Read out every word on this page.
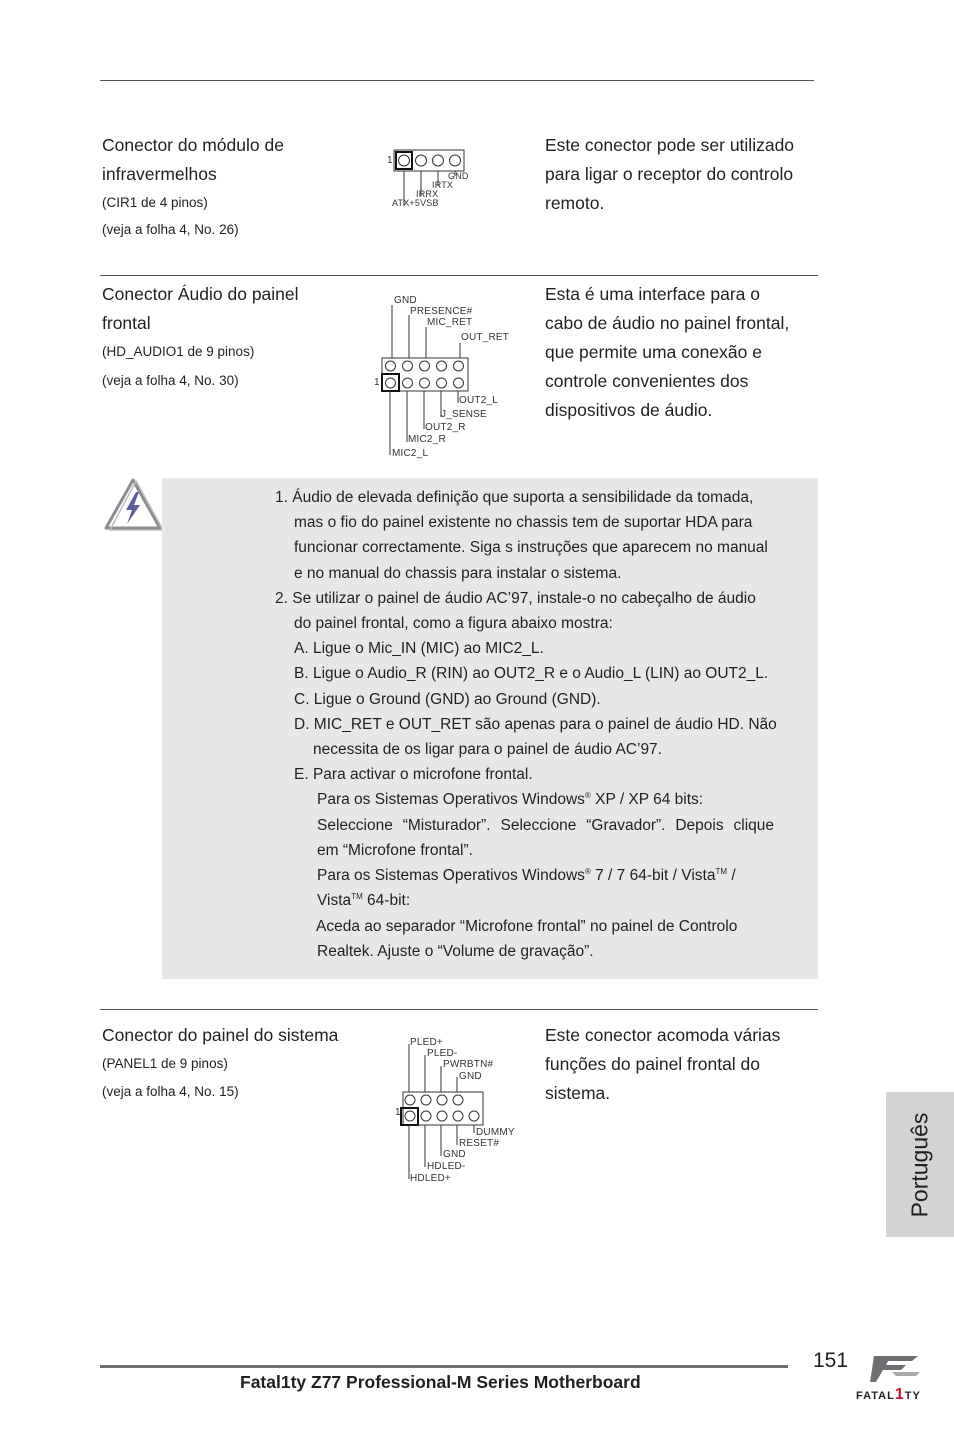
Conector do módulo de
infravermelhos
(CIR1 de 4 pinos)
(veja a folha 4, No. 26)
1
GND
IRTX
IRRX
ATX+5VSB
Este conector pode ser utilizado
para ligar o receptor do controlo
remoto.
Conector Áudio do painel
frontal
(HD_AUDIO1 de 9 pinos)
(veja a folha 4, No. 30)	1
GND
PRESENCE#
MIC_RET
OUT_RET
OUT2_L
J_SENSE
OUT2_R
MIC2_R
MIC2_L
Esta é uma interface para o
cabo de áudio no painel frontal,
que permite uma conexão e
controle convenientes dos
dispositivos de áudio.
1. Áudio de elevada definição que suporta a sensibilidade da tomada,
mas o fio do painel existente no chassis tem de suportar HDA para
funcionar correctamente. Siga s instruções que aparecem no manual
e no manual do chassis para instalar o sistema.
2. Se utilizar o painel de áudio AC’97, instale-o no cabeçalho de áudio
do painel frontal, como a figura abaixo mostra:
A. Ligue o Mic_IN (MIC) ao MIC2_L.
B. Ligue o Audio_R (RIN) ao OUT2_R e o Audio_L (LIN) ao OUT2_L.
C. Ligue o Ground (GND) ao Ground (GND).
D. MIC_RET e OUT_RET são apenas para o painel de áudio HD. Não
necessita de os ligar para o painel de áudio AC’97.
E. Para activar o microfone frontal.
Para os Sistemas Operativos Windows® XP / XP 64 bits:
Seleccione “Misturador”. Seleccione “Gravador”. Depois clique
em “Microfone frontal”.
Para os Sistemas Operativos Windows® 7 / 7 64-bit / Vista™ /
Vista™ 64-bit:
Aceda ao separador “Microfone frontal” no painel de Controlo
Realtek. Ajuste o “Volume de gravação”.
Conector do painel do sistema
(PANEL1 de 9 pinos)
(veja a folha 4, No. 15)
1
PLED+
PLED-
PWRBTN#
GND
DUMMY
RESET#
GND
HDLED-
HDLED+
Este conector acomoda várias
funções do painel frontal do
sistema.
Português
151
Fatal1ty Z77 Professional-M Series Motherboard
FATAL1TY
